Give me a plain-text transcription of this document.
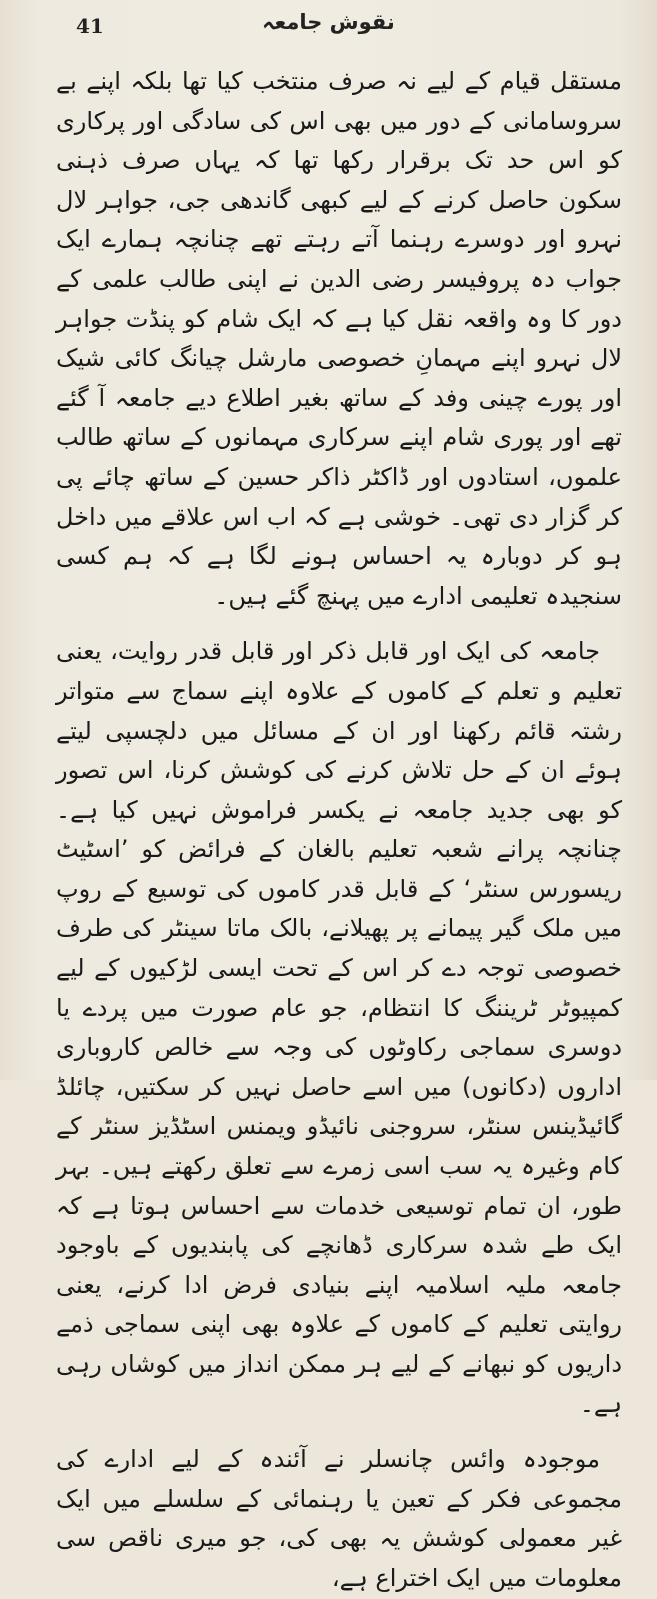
41	نقوش جامعہ

مستقل قیام کے لیے نہ صرف منتخب کیا تھا بلکہ اپنے بے سروسامانی کے دور میں بھی اس کی سادگی اور پرکاری کو اس حد تک برقرار رکھا تھا کہ یہاں صرف ذہنی سکون حاصل کرنے کے لیے کبھی گاندھی جی، جواہر لال نہرو اور دوسرے رہنما آتے رہتے تھے چنانچہ ہمارے ایک جواب دہ پروفیسر رضی الدین نے اپنی طالب علمی کے دور کا وہ واقعہ نقل کیا ہے کہ ایک شام کو پنڈت جواہر لال نہرو اپنے مہمانِ خصوصی مارشل چیانگ کائی شیک اور پورے چینی وفد کے ساتھ بغیر اطلاع دیے جامعہ آ گئے تھے اور پوری شام اپنے سرکاری مہمانوں کے ساتھ طالب علموں، استادوں اور ڈاکٹر ذاکر حسین کے ساتھ چائے پی کر گزار دی تھی۔ خوشی ہے کہ اب اس علاقے میں داخل ہو کر دوبارہ یہ احساس ہونے لگا ہے کہ ہم کسی سنجیدہ تعلیمی ادارے میں پہنچ گئے ہیں۔

جامعہ کی ایک اور قابل ذکر اور قابل قدر روایت، یعنی تعلیم و تعلم کے کاموں کے علاوہ اپنے سماج سے متواتر رشتہ قائم رکھنا اور ان کے مسائل میں دلچسپی لیتے ہوئے ان کے حل تلاش کرنے کی کوشش کرنا، اس تصور کو بھی جدید جامعہ نے یکسر فراموش نہیں کیا ہے۔ چنانچہ پرانے شعبہ تعلیم بالغان کے فرائض کو ’اسٹیٹ ریسورس سنٹر‘ کے قابل قدر کاموں کی توسیع کے روپ میں ملک گیر پیمانے پر پھیلانے، بالک ماتا سینٹر کی طرف خصوصی توجہ دے کر اس کے تحت ایسی لڑکیوں کے لیے کمپیوٹر ٹریننگ کا انتظام، جو عام صورت میں پردے یا دوسری سماجی رکاوٹوں کی وجہ سے خالص کاروباری اداروں (دکانوں) میں اسے حاصل نہیں کر سکتیں، چائلڈ گائیڈینس سنٹر، سروجنی نائیڈو ویمنس اسٹڈیز سنٹر کے کام وغیرہ یہ سب اسی زمرے سے تعلق رکھتے ہیں۔ بہر طور، ان تمام توسیعی خدمات سے احساس ہوتا ہے کہ ایک طے شدہ سرکاری ڈھانچے کی پابندیوں کے باوجود جامعہ ملیہ اسلامیہ اپنے بنیادی فرض ادا کرنے، یعنی روایتی تعلیم کے کاموں کے علاوہ بھی اپنی سماجی ذمے داریوں کو نبھانے کے لیے ہر ممکن انداز میں کوشاں رہی ہے۔

موجودہ وائس چانسلر نے آئندہ کے لیے ادارے کی مجموعی فکر کے تعین یا رہنمائی کے سلسلے میں ایک غیر معمولی کوشش یہ بھی کی، جو میری ناقص سی معلومات میں ایک اختراع ہے،
